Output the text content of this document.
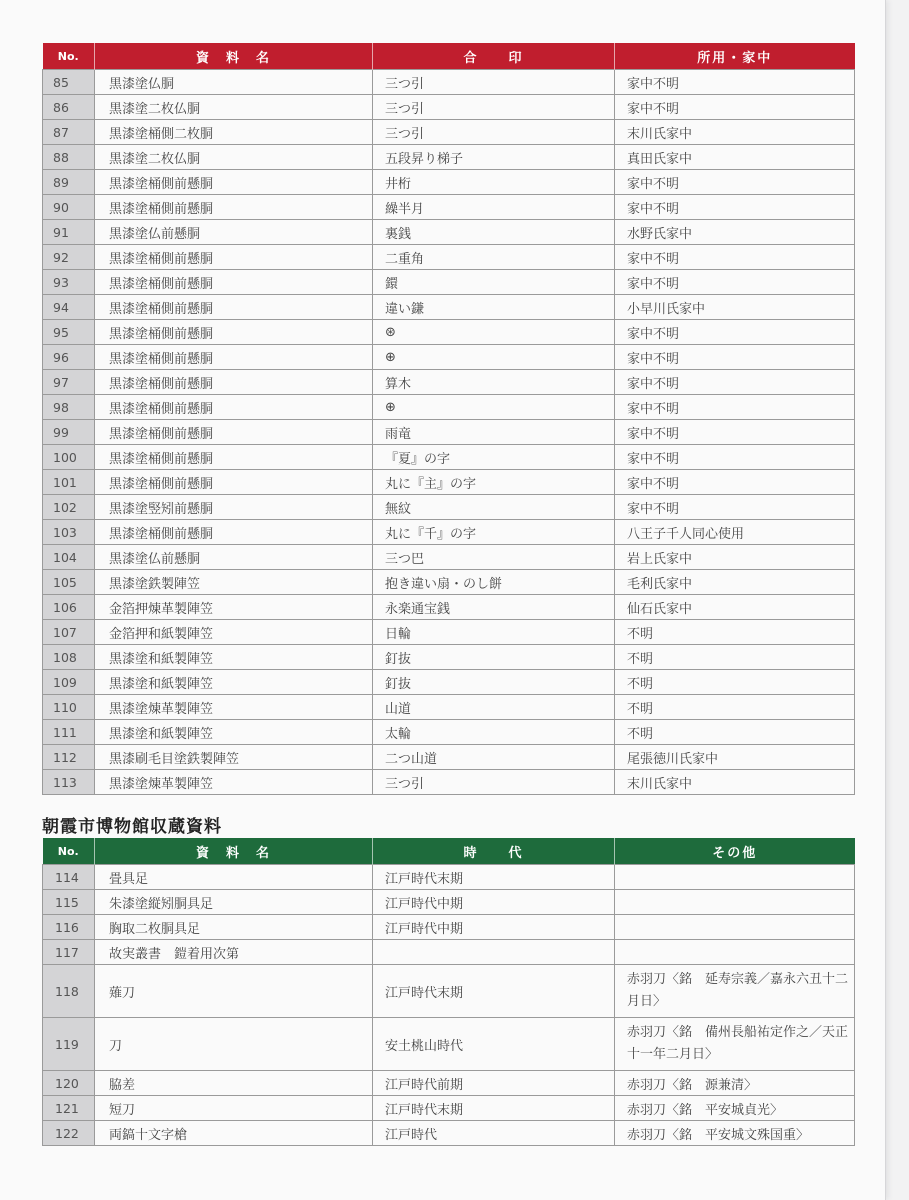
No.	資　料　名	合　　印	所用・家中
85	黒漆塗仏胴	三つ引	家中不明
86	黒漆塗二枚仏胴	三つ引	家中不明
87	黒漆塗桶側二枚胴	三つ引	末川氏家中
88	黒漆塗二枚仏胴	五段昇り梯子	真田氏家中
89	黒漆塗桶側前懸胴	井桁	家中不明
90	黒漆塗桶側前懸胴	繰半月	家中不明
91	黒漆塗仏前懸胴	裏銭	水野氏家中
92	黒漆塗桶側前懸胴	二重角	家中不明
93	黒漆塗桶側前懸胴	鐶	家中不明
94	黒漆塗桶側前懸胴	違い鎌	小早川氏家中
95	黒漆塗桶側前懸胴	⊛	家中不明
96	黒漆塗桶側前懸胴	⊕	家中不明
97	黒漆塗桶側前懸胴	算木	家中不明
98	黒漆塗桶側前懸胴	⊕	家中不明
99	黒漆塗桶側前懸胴	雨竜	家中不明
100	黒漆塗桶側前懸胴	『夏』の字	家中不明
101	黒漆塗桶側前懸胴	丸に『主』の字	家中不明
102	黒漆塗竪矧前懸胴	無紋	家中不明
103	黒漆塗桶側前懸胴	丸に『千』の字	八王子千人同心使用
104	黒漆塗仏前懸胴	三つ巴	岩上氏家中
105	黒漆塗鉄製陣笠	抱き違い扇・のし餅	毛利氏家中
106	金箔押煉革製陣笠	永楽通宝銭	仙石氏家中
107	金箔押和紙製陣笠	日輪	不明
108	黒漆塗和紙製陣笠	釘抜	不明
109	黒漆塗和紙製陣笠	釘抜	不明
110	黒漆塗煉革製陣笠	山道	不明
111	黒漆塗和紙製陣笠	太輪	不明
112	黒漆刷毛目塗鉄製陣笠	二つ山道	尾張徳川氏家中
113	黒漆塗煉革製陣笠	三つ引	末川氏家中
朝霞市博物館収蔵資料
No.	資　料　名	時　　代	その他
114	畳具足	江戸時代末期	
115	朱漆塗縦矧胴具足	江戸時代中期	
116	胸取二枚胴具足	江戸時代中期	
117	故実叢書　鎧着用次第		
118	薙刀	江戸時代末期	赤羽刀〈銘　延寿宗義／嘉永六丑十二月日〉
119	刀	安土桃山時代	赤羽刀〈銘　備州長船祐定作之／天正十一年二月日〉
120	脇差	江戸時代前期	赤羽刀〈銘　源兼清〉
121	短刀	江戸時代末期	赤羽刀〈銘　平安城貞光〉
122	両鎬十文字槍	江戸時代	赤羽刀〈銘　平安城文殊国重〉
